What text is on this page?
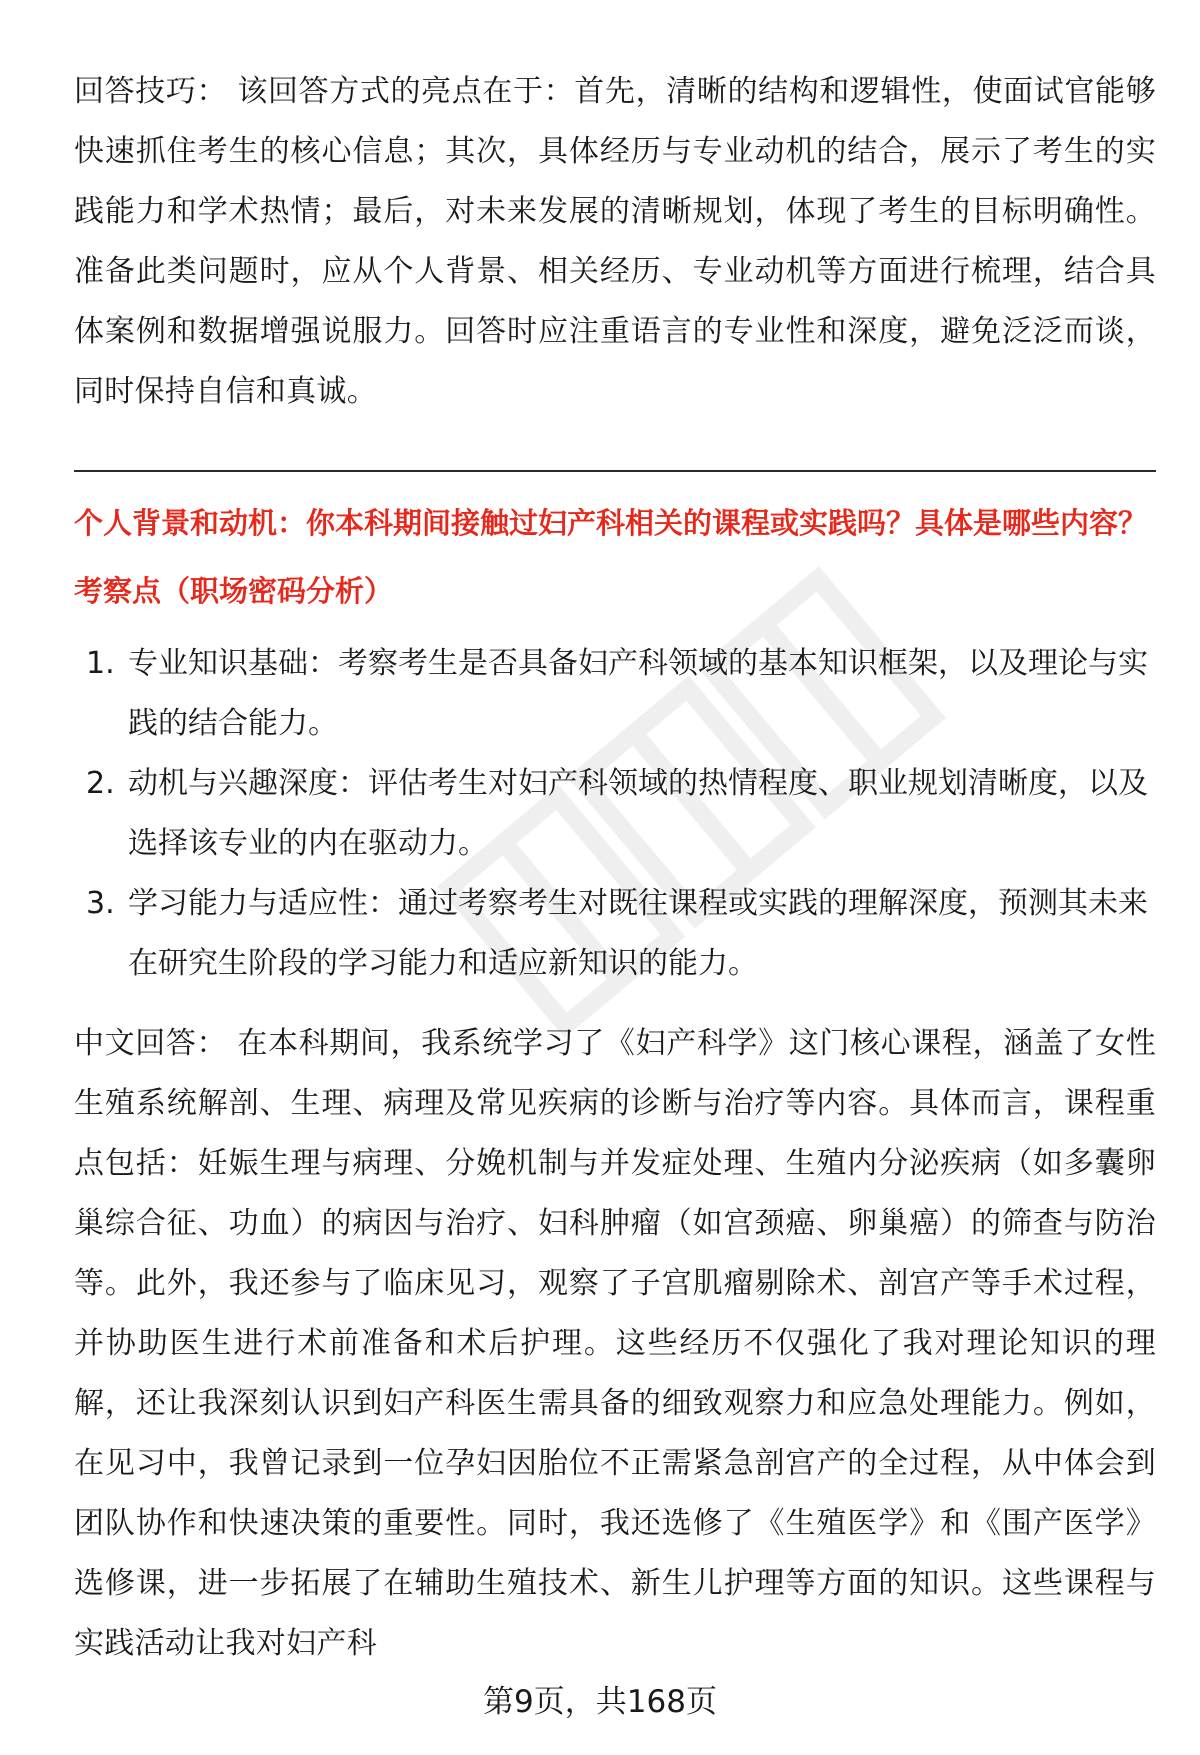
回答技巧： 该回答方式的亮点在于：首先，清晰的结构和逻辑性，使面试官能够快速抓住考生的核心信息；其次，具体经历与专业动机的结合，展示了考生的实践能力和学术热情；最后，对未来发展的清晰规划，体现了考生的目标明确性。准备此类问题时，应从个人背景、相关经历、专业动机等方面进行梳理，结合具体案例和数据增强说服力。回答时应注重语言的专业性和深度，避免泛泛而谈，同时保持自信和真诚。

个人背景和动机：你本科期间接触过妇产科相关的课程或实践吗？具体是哪些内容？

考察点（职场密码分析）

1. 专业知识基础：考察考生是否具备妇产科领域的基本知识框架，以及理论与实践的结合能力。
2. 动机与兴趣深度：评估考生对妇产科领域的热情程度、职业规划清晰度，以及选择该专业的内在驱动力。
3. 学习能力与适应性：通过考察考生对既往课程或实践的理解深度，预测其未来在研究生阶段的学习能力和适应新知识的能力。

中文回答： 在本科期间，我系统学习了《妇产科学》这门核心课程，涵盖了女性生殖系统解剖、生理、病理及常见疾病的诊断与治疗等内容。具体而言，课程重点包括：妊娠生理与病理、分娩机制与并发症处理、生殖内分泌疾病（如多囊卵巢综合征、功血）的病因与治疗、妇科肿瘤（如宫颈癌、卵巢癌）的筛查与防治等。此外，我还参与了临床见习，观察了子宫肌瘤剔除术、剖宫产等手术过程，并协助医生进行术前准备和术后护理。这些经历不仅强化了我对理论知识的理解，还让我深刻认识到妇产科医生需具备的细致观察力和应急处理能力。例如，在见习中，我曾记录到一位孕妇因胎位不正需紧急剖宫产的全过程，从中体会到团队协作和快速决策的重要性。同时，我还选修了《生殖医学》和《围产医学》选修课，进一步拓展了在辅助生殖技术、新生儿护理等方面的知识。这些课程与实践活动让我对妇产科

第9页，共168页
